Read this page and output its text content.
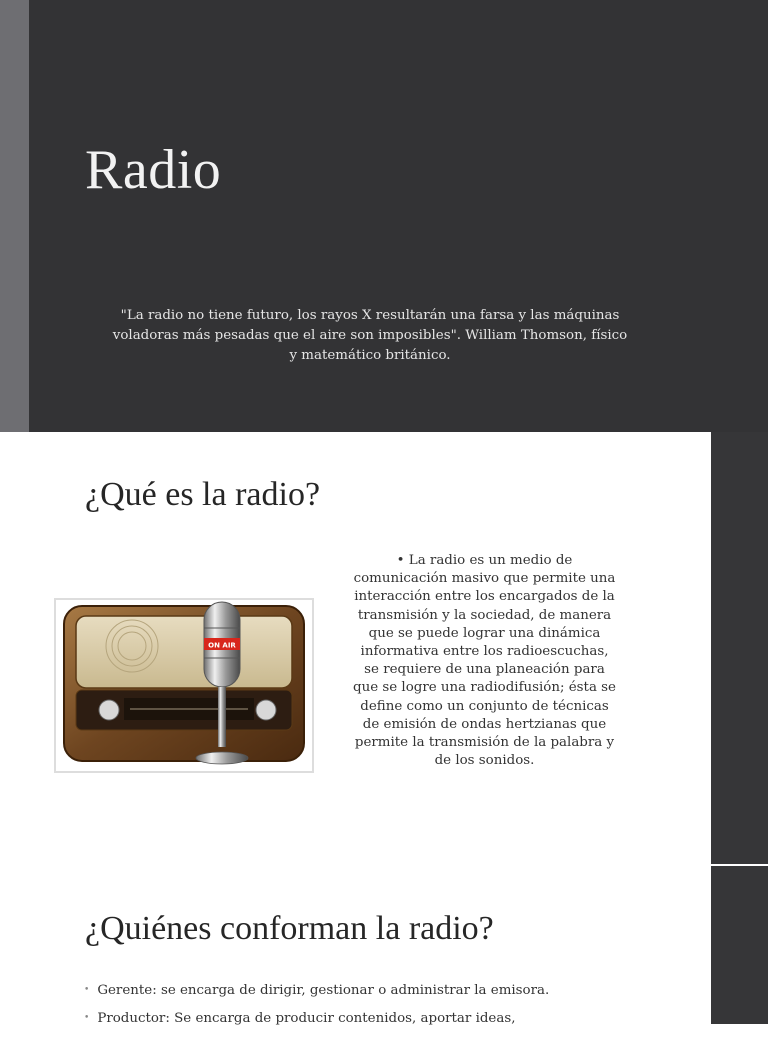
Radio
"La radio no tiene futuro, los rayos X resultarán una farsa y las máquinas voladoras más pesadas que el aire son imposibles". William Thomson, físico y matemático británico.
¿Qué es la radio?
ON AIR
• La radio es un medio de comunicación masivo que permite una interacción entre los encargados de la transmisión y la sociedad, de manera que se puede lograr una dinámica informativa entre los radioescuchas, se requiere de una planeación para que se logre una radiodifusión; ésta se define como un conjunto de técnicas de emisión de ondas hertzianas que permite la transmisión de la palabra y de los sonidos.
¿Quiénes conforman la radio?
• Gerente: se encarga de dirigir, gestionar o administrar la emisora.
• Productor: Se encarga de producir contenidos, aportar ideas,
